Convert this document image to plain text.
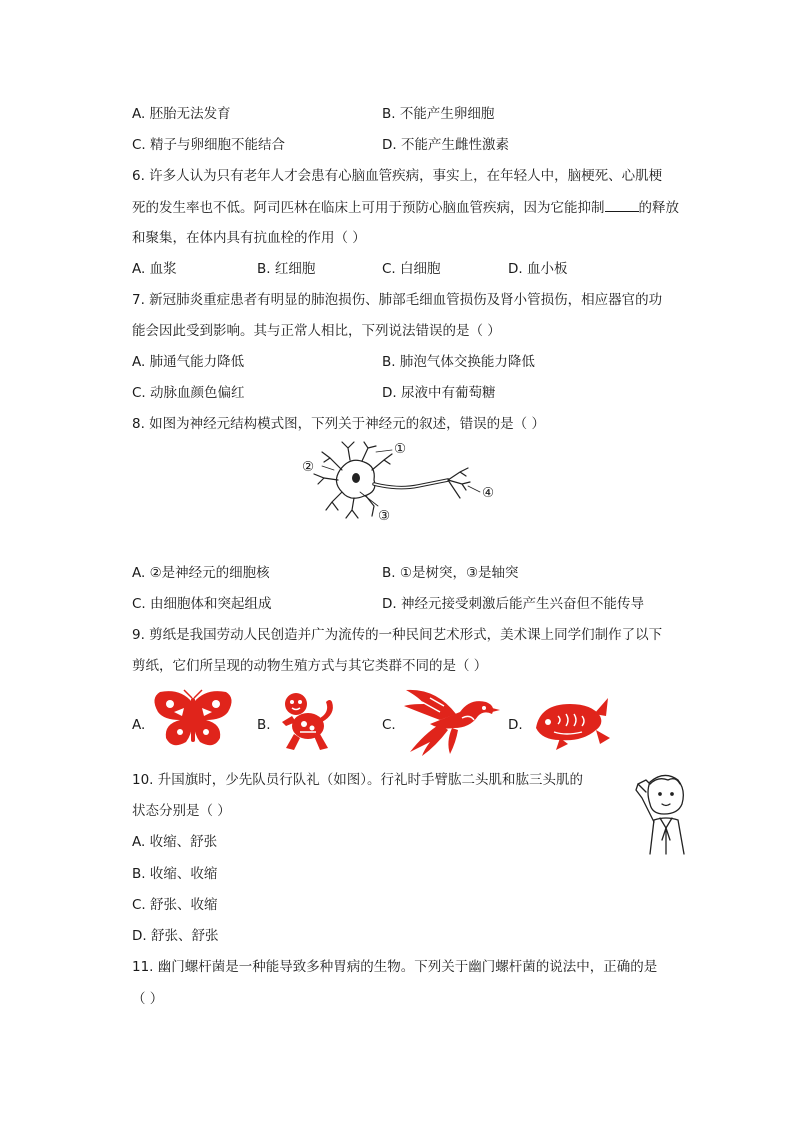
A. 胚胎无法发育	B. 不能产生卵细胞
C. 精子与卵细胞不能结合	D. 不能产生雌性激素
6. 许多人认为只有老年人才会患有心脑血管疾病，事实上，在年轻人中，脑梗死、心肌梗
死的发生率也不低。阿司匹林在临床上可用于预防心脑血管疾病，因为它能抑制	的释放
和聚集，在体内具有抗血栓的作用（ ）
A. 血浆	B. 红细胞	C. 白细胞	D. 血小板
7. 新冠肺炎重症患者有明显的肺泡损伤、肺部毛细血管损伤及肾小管损伤，相应器官的功
能会因此受到影响。其与正常人相比，下列说法错误的是（ ）
A. 肺通气能力降低	B. 肺泡气体交换能力降低
C. 动脉血颜色偏红	D. 尿液中有葡萄糖
8. 如图为神经元结构模式图，下列关于神经元的叙述，错误的是（ ）
①
②
③
④
A. ②是神经元的细胞核	B. ①是树突，③是轴突
C. 由细胞体和突起组成	D. 神经元接受刺激后能产生兴奋但不能传导
9. 剪纸是我国劳动人民创造并广为流传的一种民间艺术形式，美术课上同学们制作了以下
剪纸，它们所呈现的动物生殖方式与其它类群不同的是（ ）
A.	B.	C.	D.
10. 升国旗时，少先队员行队礼（如图）。行礼时手臂肱二头肌和肱三头肌的
状态分别是（ ）
A. 收缩、舒张
B. 收缩、收缩
C. 舒张、收缩
D. 舒张、舒张
11. 幽门螺杆菌是一种能导致多种胃病的生物。下列关于幽门螺杆菌的说法中，正确的是
（ ）
